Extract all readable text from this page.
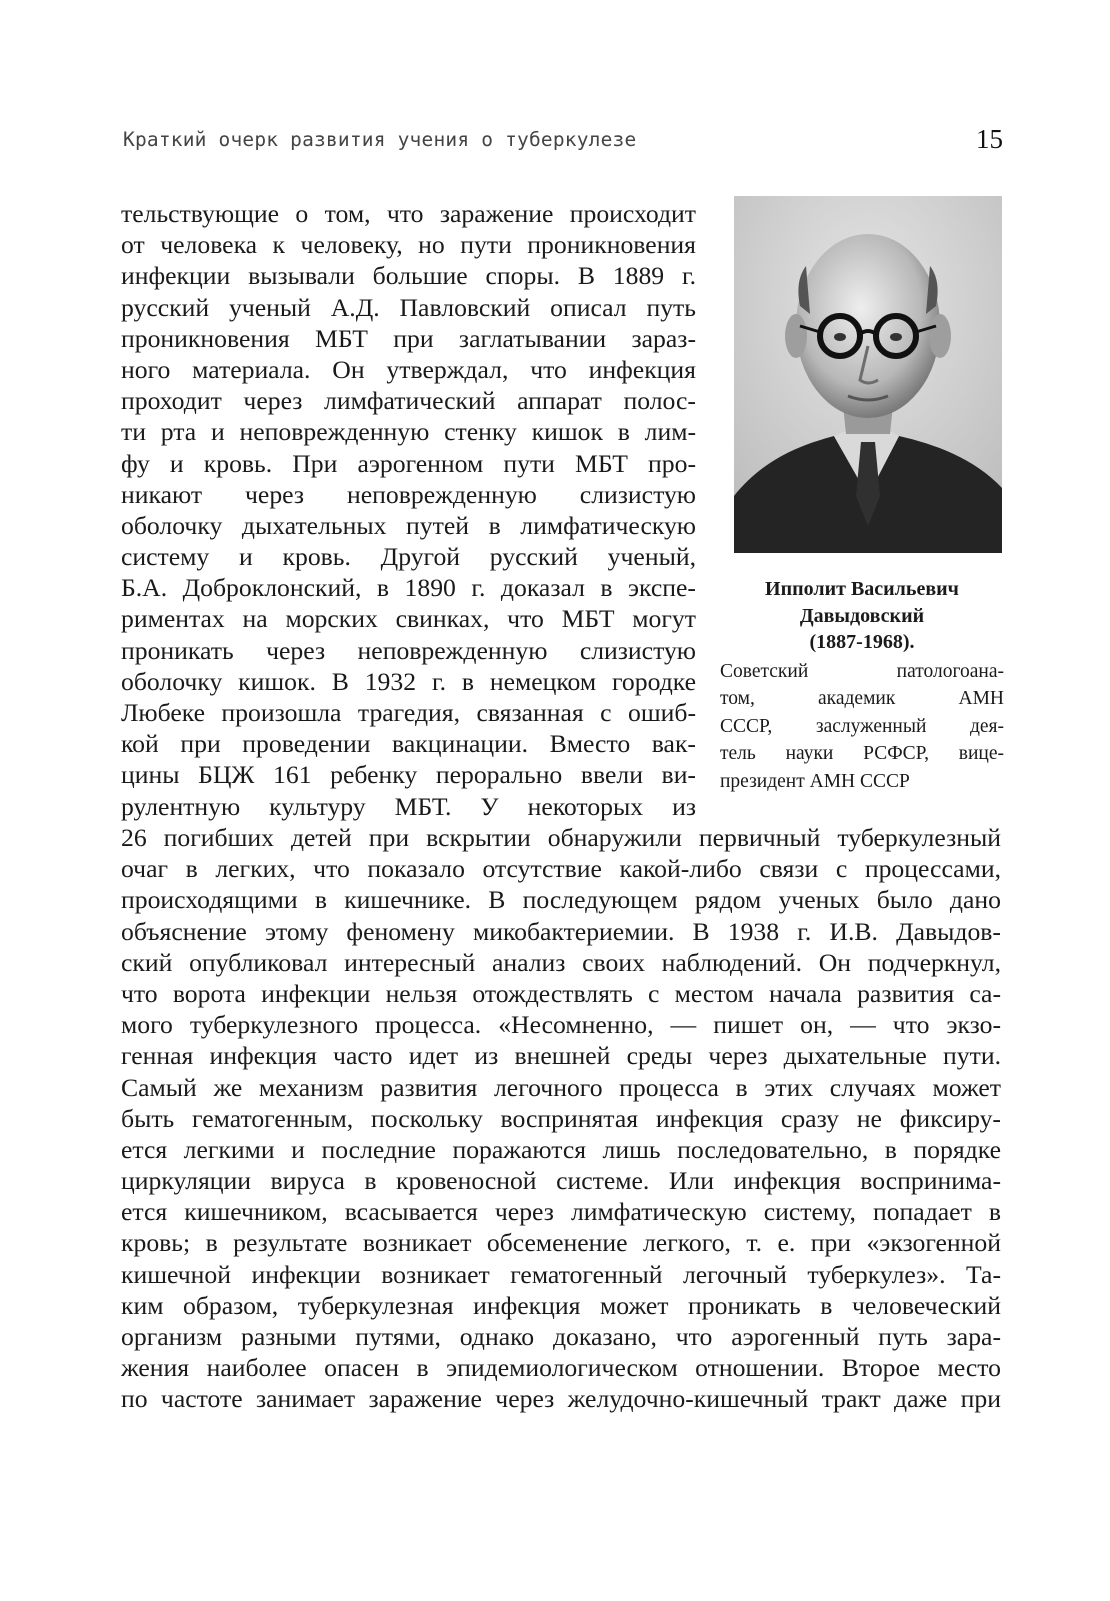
Краткий очерк развития учения о туберкулезе	15
тельствующие о том, что заражение происходит
от человека к человеку, но пути проникновения
инфекции вызывали большие споры. В 1889 г.
русский ученый А.Д. Павловский описал путь
проникновения МБТ при заглатывании зараз-
ного материала. Он утверждал, что инфекция
проходит через лимфатический аппарат полос-
ти рта и неповрежденную стенку кишок в лим-
фу и кровь. При аэрогенном пути МБТ про-
никают через неповрежденную слизистую
оболочку дыхательных путей в лимфатическую
систему и кровь. Другой русский ученый,
Б.А. Доброклонский, в 1890 г. доказал в экспе-
риментах на морских свинках, что МБТ могут
проникать через неповрежденную слизистую
оболочку кишок. В 1932 г. в немецком городке
Любеке произошла трагедия, связанная с ошиб-
кой при проведении вакцинации. Вместо вак-
цины БЦЖ 161 ребенку перорально ввели ви-
рулентную культуру МБТ. У некоторых из
Ипполит Васильевич
Давыдовский
(1887-1968).
Советский патологоана-
том, академик АМН
СССР, заслуженный дея-
тель науки РСФСР, вице-
президент АМН СССР
26 погибших детей при вскрытии обнаружили первичный туберкулезный
очаг в легких, что показало отсутствие какой-либо связи с процессами,
происходящими в кишечнике. В последующем рядом ученых было дано
объяснение этому феномену микобактериемии. В 1938 г. И.В. Давыдов-
ский опубликовал интересный анализ своих наблюдений. Он подчеркнул,
что ворота инфекции нельзя отождествлять с местом начала развития са-
мого туберкулезного процесса. «Несомненно, — пишет он, — что экзо-
генная инфекция часто идет из внешней среды через дыхательные пути.
Самый же механизм развития легочного процесса в этих случаях может
быть гематогенным, поскольку воспринятая инфекция сразу не фиксиру-
ется легкими и последние поражаются лишь последовательно, в порядке
циркуляции вируса в кровеносной системе. Или инфекция воспринима-
ется кишечником, всасывается через лимфатическую систему, попадает в
кровь; в результате возникает обсеменение легкого, т. е. при «экзогенной
кишечной инфекции возникает гематогенный легочный туберкулез». Та-
ким образом, туберкулезная инфекция может проникать в человеческий
организм разными путями, однако доказано, что аэрогенный путь зара-
жения наиболее опасен в эпидемиологическом отношении. Второе место
по частоте занимает заражение через желудочно-кишечный тракт даже при
